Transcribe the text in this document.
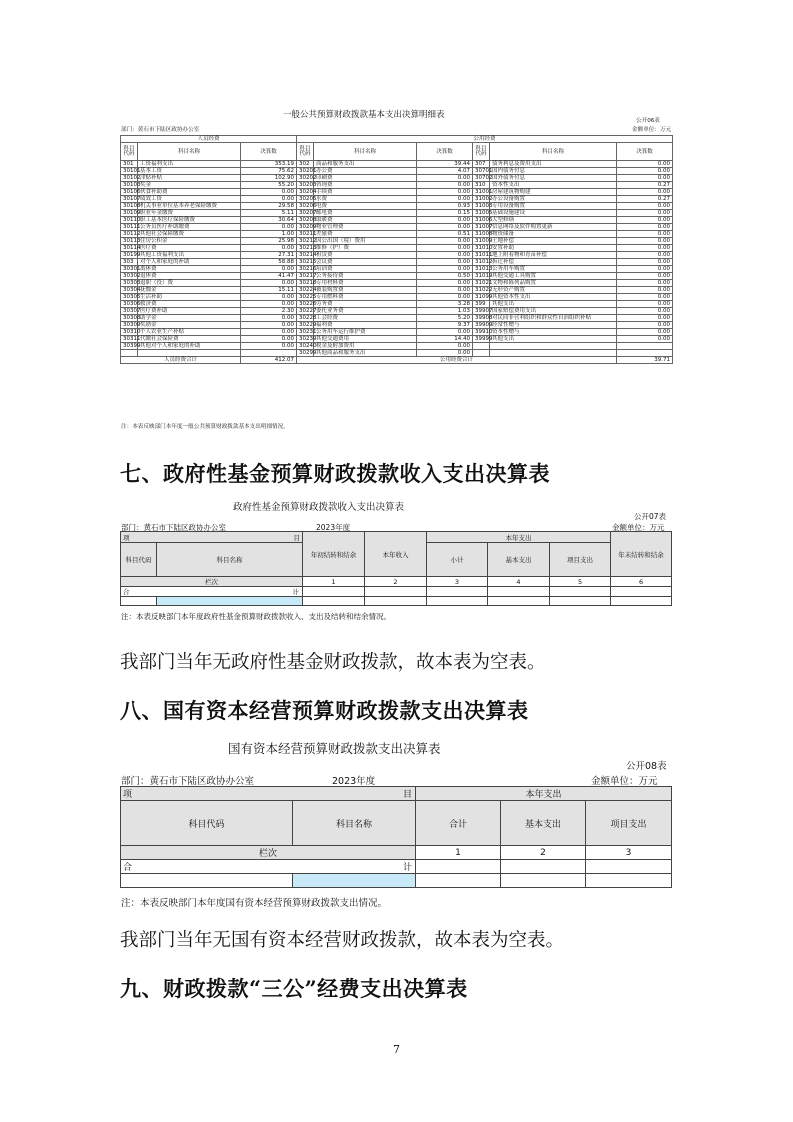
一般公共预算财政拨款基本支出决算明细表
公开06表
部门：黄石市下陆区政协办公室	金额单位：万元
人员经费			公用经费					
科目代码	科目名称	决算数	科目代码	科目名称	决算数	科目代码	科目名称	决算数
301	工资福利支出	353.19	302	商品和服务支出	39.44	307	债务利息及费用支出	0.00
30101	基本工资	75.62	30201	办公费	4.07	30701	国内债务付息	0.00
30102	津贴补贴	102.90	30202	印刷费	0.00	30702	国外债务付息	0.00
30103	奖金	55.20	30203	咨询费	0.00	310	资本性支出	0.27
30106	伙食补助费	0.00	30204	手续费	0.00	31001	房屋建筑物购建	0.00
30107	绩效工资	0.00	30205	水费	0.00	31002	办公设备购置	0.27
30108	机关事业单位基本养老保险缴费	29.58	30206	电费	0.93	31003	专用设备购置	0.00
30109	职业年金缴费	5.11	30207	邮电费	0.15	31005	基础设施建设	0.00
30110	职工基本医疗保险缴费	30.64	30208	取暖费	0.00	31006	大型修缮	0.00
30111	公务员医疗补助缴费	0.00	30209	物业管理费	0.00	31007	信息网络及软件购置更新	0.00
30112	其他社会保障缴费	1.00	30211	差旅费	0.51	31008	物资储备	0.00
30113	住房公积金	25.98	30212	因公出国（境）费用	0.00	31009	土地补偿	0.00
30114	医疗费	0.00	30213	维修（护）费	0.00	31010	安置补助	0.00
30199	其他工资福利支出	27.31	30214	租赁费	0.00	31011	地上附着物和青苗补偿	0.00
303	对个人和家庭的补助	58.88	30215	会议费	0.00	31012	拆迁补偿	0.00
30301	离休费	0.00	30216	培训费	0.00	31013	公务用车购置	0.00
30302	退休费	41.47	30217	公务接待费	0.50	31019	其他交通工具购置	0.00
30303	退职（役）费	0.00	30218	专用材料费	0.00	31021	文物和陈列品购置	0.00
30304	抚恤金	15.11	30224	被装购置费	0.00	31022	无形资产购置	0.00
30305	生活补助	0.00	30225	专用燃料费	0.00	31099	其他资本性支出	0.00
30306	救济费	0.00	30226	劳务费	3.28	399	其他支出	0.00
30307	医疗费补助	2.30	30227	委托业务费	1.03	39907	国家赔偿费用支出	0.00
30308	助学金	0.00	30228	工会经费	5.20	39908	对民间非营利组织和群众性自治组织补贴	0.00
30309	奖励金	0.00	30229	福利费	9.37	39909	经常性赠与	0.00
30310	个人农业生产补贴	0.00	30231	公务用车运行维护费	0.00	39910	资本性赠与	0.00
30311	代缴社会保险费	0.00	30239	其他交通费用	14.40	39999	其他支出	0.00
30399	其他对个人和家庭的补助	0.00	30240	税金及附加费用	0.00			
			30299	其他商品和服务支出	0.00			
人员经费合计		412.07	公用经费合计					39.71
注：本表反映部门本年度一般公共预算财政拨款基本支出明细情况。
七、政府性基金预算财政拨款收入支出决算表
政府性基金预算财政拨款收入支出决算表
公开07表
部门：黄石市下陆区政协办公室	2023年度	金额单位：万元
项	目	年初结转和结余	本年收入	本年支出			年末结转和结余
科目代码	科目名称			小计	基本支出	项目支出	
栏次		1	2	3	4	5	6
合 计							

注：本表反映部门本年度政府性基金预算财政拨款收入、支出及结转和结余情况。
我部门当年无政府性基金财政拨款，故本表为空表。
八、国有资本经营预算财政拨款支出决算表
国有资本经营预算财政拨款支出决算表
公开08表
部门：黄石市下陆区政协办公室	2023年度	金额单位：万元
项 目		本年支出		
科目代码	科目名称	合计	基本支出	项目支出
栏次		1	2	3
合 计				

注：本表反映部门本年度国有资本经营预算财政拨款支出情况。
我部门当年无国有资本经营财政拨款，故本表为空表。
九、财政拨款“三公”经费支出决算表
7
